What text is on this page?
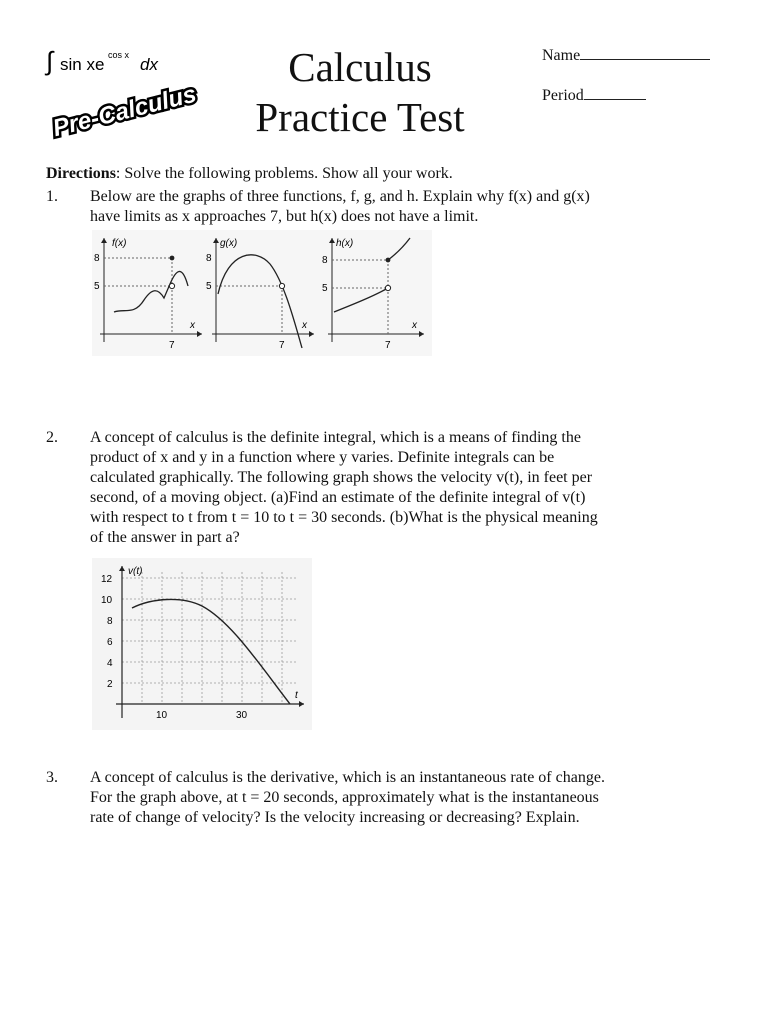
∫ sin xe cos x dx
Pre-Calculus
Calculus
Practice Test
Name
Period
Directions: Solve the following problems. Show all your work.
1. Below are the graphs of three functions, f, g, and h. Explain why f(x) and g(x)
have limits as x approaches 7, but h(x) does not have a limit.
f(x)
8
5
7
x
g(x)
8
5
7
x
h(x)
8
5
7
x
2. A concept of calculus is the definite integral, which is a means of finding the
product of x and y in a function where y varies. Definite integrals can be
calculated graphically. The following graph shows the velocity v(t), in feet per
second, of a moving object. (a)Find an estimate of the definite integral of v(t)
with respect to t from t = 10 to t = 30 seconds. (b)What is the physical meaning
of the answer in part a?
v(t)
12
10
8
6
4
2
10	30
t
3. A concept of calculus is the derivative, which is an instantaneous rate of change.
For the graph above, at t = 20 seconds, approximately what is the instantaneous
rate of change of velocity? Is the velocity increasing or decreasing? Explain.
